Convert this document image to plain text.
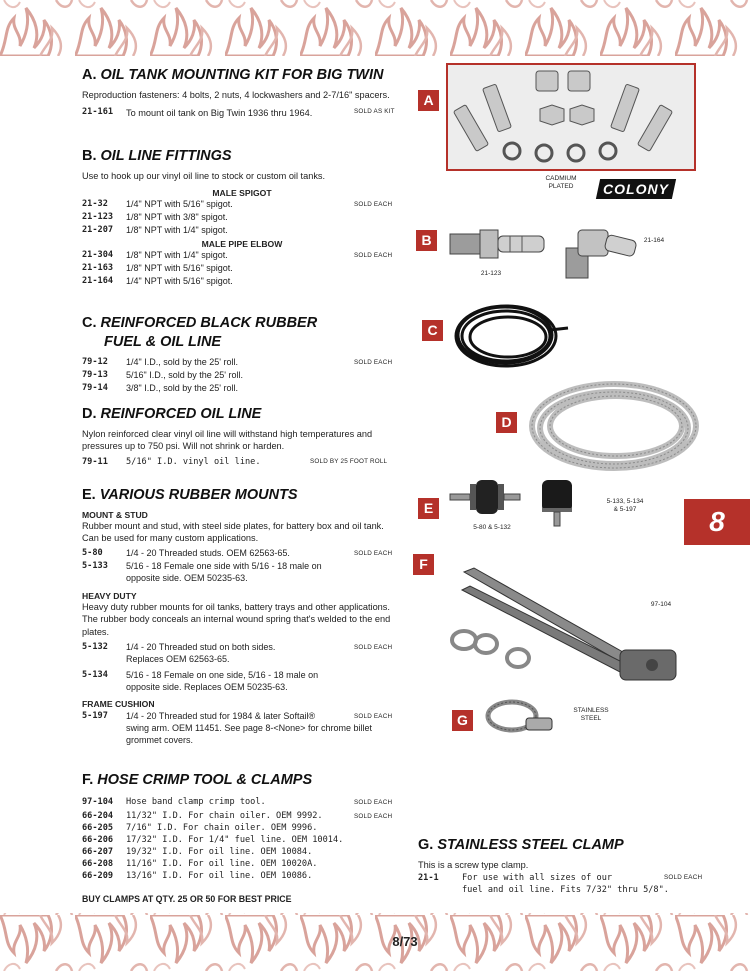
A. OIL TANK MOUNTING KIT FOR BIG TWIN
Reproduction fasteners: 4 bolts, 2 nuts, 4 lockwashers and 2-7/16" spacers.
21-161 To mount oil tank on Big Twin 1936 thru 1964.	SOLD AS KIT
B. OIL LINE FITTINGS
Use to hook up our vinyl oil line to stock or custom oil tanks.
MALE SPIGOT
21-32 1/4" NPT with 5/16" spigot.	SOLD EACH
21-123 1/8" NPT with 3/8" spigot.
21-207 1/8" NPT with 1/4" spigot.
MALE PIPE ELBOW
21-304 1/8" NPT with 1/4" spigot.	SOLD EACH
21-163 1/8" NPT with 5/16" spigot.
21-164 1/4" NPT with 5/16" spigot.
C. REINFORCED BLACK RUBBER
FUEL & OIL LINE
79-12 1/4" I.D., sold by the 25' roll.	SOLD EACH
79-13 5/16" I.D., sold by the 25' roll.
79-14 3/8" I.D., sold by the 25' roll.
D. REINFORCED OIL LINE
Nylon reinforced clear vinyl oil line will withstand high temperatures and pressures up to 750 psi. Will not shrink or harden.
79-11 5/16" I.D. vinyl oil line.	SOLD BY 25 FOOT ROLL
E. VARIOUS RUBBER MOUNTS
MOUNT & STUD
Rubber mount and stud, with steel side plates, for battery box and oil tank. Can be used for many custom applications.
5-80	1/4 - 20 Threaded studs. OEM 62563-65.	SOLD EACH
5-133 5/16 - 18 Female one side with 5/16 - 18 male on
opposite side. OEM 50235-63.
HEAVY DUTY
Heavy duty rubber mounts for oil tanks, battery trays and other applications. The rubber body conceals an internal wound spring that's welded to the end plates.
5-132 1/4 - 20 Threaded stud on both sides.	SOLD EACH
Replaces OEM 62563-65.
5-134 5/16 - 18 Female on one side, 5/16 - 18 male on
opposite side. Replaces OEM 50235-63.
FRAME CUSHION
5-197 1/4 - 20 Threaded stud for 1984 & later Softail®	SOLD EACH
swing arm. OEM 11451. See page 8-<None> for chrome billet
grommet covers.
F. HOSE CRIMP TOOL & CLAMPS
97-104 Hose band clamp crimp tool.	SOLD EACH
66-204 11/32" I.D. For chain oiler. OEM 9992.	SOLD EACH
66-205 7/16" I.D. For chain oiler. OEM 9996.
66-206 17/32" I.D. For 1/4" fuel line. OEM 10014.
66-207 19/32" I.D. For oil line. OEM 10084.
66-208 11/16" I.D. For oil line. OEM 10020A.
66-209 13/16" I.D. For oil line. OEM 10086.
BUY CLAMPS AT QTY. 25 OR 50 FOR BEST PRICE
G. STAINLESS STEEL CLAMP
This is a screw type clamp.
21-1	For use with all sizes of our
fuel and oil line. Fits 7/32" thru 5/8".
SOLD EACH
A
CADMIUM
PLATED	COLONY
B
21-123
21-164
C
D
E
5-80 & 5-132
5-133, 5-134
& 5-197	8
F
97-104
G
STAINLESS
STEEL
8/73
